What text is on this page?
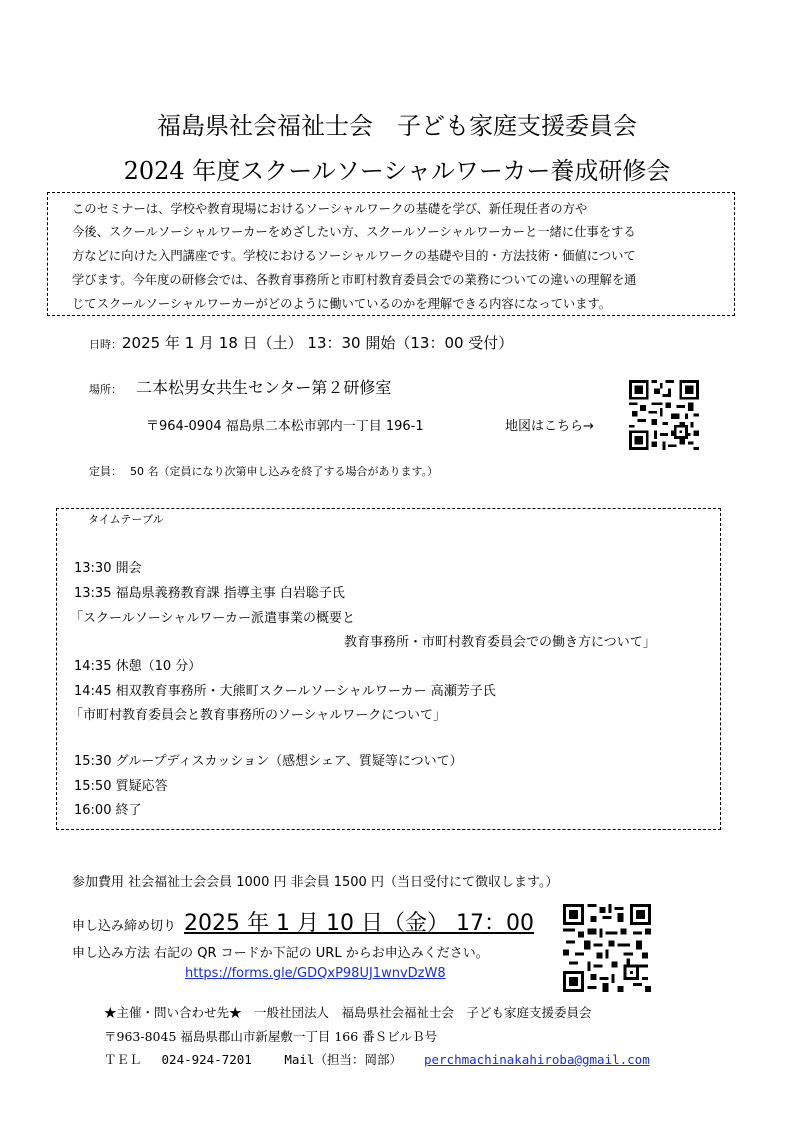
福島県社会福祉士会　子ども家庭支援委員会
2024 年度スクールソーシャルワーカー養成研修会
このセミナーは、学校や教育現場におけるソーシャルワークの基礎を学び、新任現任者の方や
今後、スクールソーシャルワーカーをめざしたい方、スクールソーシャルワーカーと一緒に仕事をする
方などに向けた入門講座です。学校におけるソーシャルワークの基礎や目的・方法技術・価値について
学びます。今年度の研修会では、各教育事務所と市町村教育委員会での業務についての違いの理解を通
じてスクールソーシャルワーカーがどのように働いているのかを理解できる内容になっています。
日時：2025 年 1 月 18 日（土） 13：30 開始（13：00 受付）
場所： 二本松男女共生センター第２研修室
〒964-0904 福島県二本松市郭内一丁目 196-1	地図はこちら→
定員： 50 名（定員になり次第申し込みを終了する場合があります。）
タイムテーブル
13:30 開会
13:35 福島県義務教育課 指導主事 白岩聡子氏
「スクールソーシャルワーカー派遣事業の概要と
教育事務所・市町村教育委員会での働き方について」
14:35 休憩（10 分）
14:45 相双教育事務所・大熊町スクールソーシャルワーカー 高瀬芳子氏
「市町村教育委員会と教育事務所のソーシャルワークについて」
15:30 グループディスカッション（感想シェア、質疑等について）
15:50 質疑応答
16:00 終了
参加費用 社会福祉士会会員 1000 円 非会員 1500 円（当日受付にて徴収します。）
申し込み締め切り 2025 年 1 月 10 日（金） 17：00
申し込み方法 右記の QR コードか下記の URL からお申込みください。
https://forms.gle/GDQxP98UJ1wnvDzW8
★主催・問い合わせ先★　一般社団法人　福島県社会福祉士会　子ども家庭支援委員会
〒963-8045 福島県郡山市新屋敷一丁目 166 番ＳビルＢ号
ＴＥＬ　 024-924-7201 　　Mail（担当：岡部） perchmachinakahiroba@gmail.com
